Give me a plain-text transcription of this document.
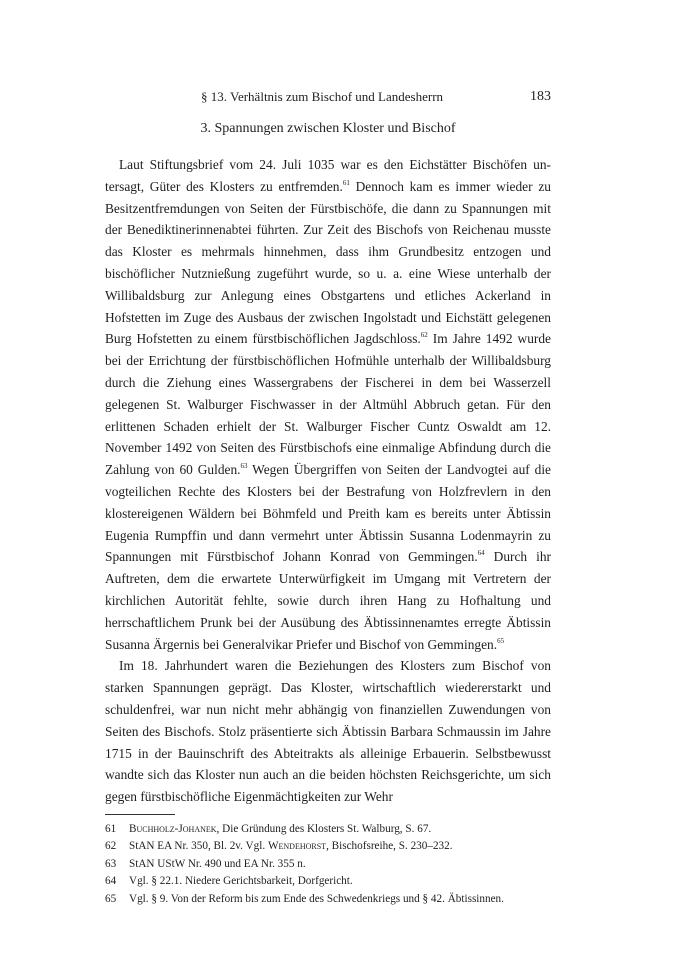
§ 13. Verhältnis zum Bischof und Landesherrn	183
3. Spannungen zwischen Kloster und Bischof

Laut Stiftungsbrief vom 24. Juli 1035 war es den Eichstätter Bischöfen untersagt, Güter des Klosters zu entfremden.$^{61}$ Dennoch kam es immer wieder zu Besitzentfremdungen von Seiten der Fürstbischöfe, die dann zu Spannungen mit der Benediktinerinnenabtei führten. Zur Zeit des Bischofs von Reichenau musste das Kloster es mehrmals hinnehmen, dass ihm Grundbesitz entzogen und bischöflicher Nutznießung zugeführt wurde, so u. a. eine Wiese unterhalb der Willibaldsburg zur Anlegung eines Obstgartens und etliches Ackerland in Hofstetten im Zuge des Ausbaus der zwischen Ingolstadt und Eichstätt gelegenen Burg Hofstetten zu einem fürstbischöflichen Jagdschloss.$^{62}$ Im Jahre 1492 wurde bei der Errichtung der fürstbischöflichen Hofmühle unterhalb der Willibaldsburg durch die Ziehung eines Wassergrabens der Fischerei in dem bei Wasserzell gelegenen St. Walburger Fischwasser in der Altmühl Abbruch getan. Für den erlittenen Schaden erhielt der St. Walburger Fischer Cuntz Oswaldt am 12. November 1492 von Seiten des Fürstbischofs eine einmalige Abfindung durch die Zahlung von 60 Gulden.$^{63}$ Wegen Übergriffen von Seiten der Landvogtei auf die vogteilichen Rechte des Klosters bei der Bestrafung von Holzfrevlern in den klostereigenen Wäldern bei Böhmfeld und Preith kam es bereits unter Äbtissin Eugenia Rumpffin und dann vermehrt unter Äbtissin Susanna Lodenmayrin zu Spannungen mit Fürstbischof Johann Konrad von Gemmingen.$^{64}$ Durch ihr Auftreten, dem die erwartete Unterwürfigkeit im Umgang mit Vertretern der kirchlichen Autorität fehlte, sowie durch ihren Hang zu Hofhaltung und herrschaftlichem Prunk bei der Ausübung des Äbtissinnenamtes erregte Äbtissin Susanna Ärgernis bei Generalvikar Priefer und Bischof von Gemmingen.$^{65}$

Im 18. Jahrhundert waren die Beziehungen des Klosters zum Bischof von starken Spannungen geprägt. Das Kloster, wirtschaftlich wiedererstarkt und schuldenfrei, war nun nicht mehr abhängig von finanziellen Zuwendungen von Seiten des Bischofs. Stolz präsentierte sich Äbtissin Barbara Schmaussin im Jahre 1715 in der Bauinschrift des Abteitrakts als alleinige Erbauerin. Selbstbewusst wandte sich das Kloster nun auch an die beiden höchsten Reichsgerichte, um sich gegen fürstbischöfliche Eigenmächtigkeiten zur Wehr

61	Buchholz-Johanek, Die Gründung des Klosters St. Walburg, S. 67.
62	StAN EA Nr. 350, Bl. 2v. Vgl. Wendehorst, Bischofsreihe, S. 230–232.
63	StAN UStW Nr. 490 und EA Nr. 355 n.
64	Vgl. § 22.1. Niedere Gerichtsbarkeit, Dorfgericht.
65	Vgl. § 9. Von der Reform bis zum Ende des Schwedenkriegs und § 42. Äbtissinnen.
